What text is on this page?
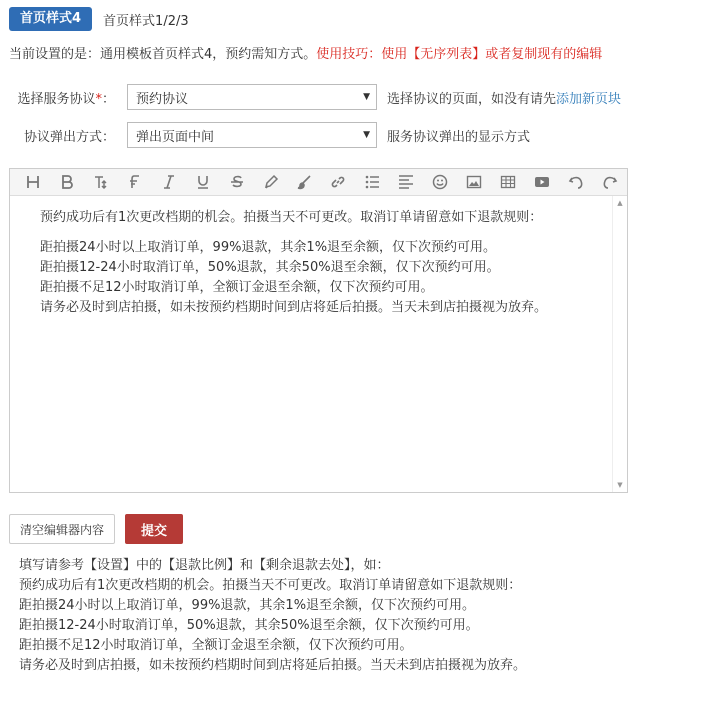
首页样式4	首页样式1/2/3
当前设置的是：通用模板首页样式4，预约需知方式。使用技巧：使用【无序列表】或者复制现有的编辑
选择服务协议*：	预约协议	▼ 选择协议的页面，如没有请先添加新页块
协议弹出方式：	弹出页面中间	▼ 服务协议弹出的显示方式

预约成功后有1次更改档期的机会。拍摄当天不可更改。取消订单请留意如下退款规则：

距拍摄24小时以上取消订单，99%退款，其余1%退至余额，仅下次预约可用。

距拍摄12-24小时取消订单，50%退款，其余50%退至余额，仅下次预约可用。

距拍摄不足12小时取消订单，全额订金退至余额，仅下次预约可用。

请务必及时到店拍摄，如未按预约档期时间到店将延后拍摄。当天未到店拍摄视为放弃。

▲
▼
清空编辑器内容	提交

填写请参考【设置】中的【退款比例】和【剩余退款去处】，如：

预约成功后有1次更改档期的机会。拍摄当天不可更改。取消订单请留意如下退款规则：

距拍摄24小时以上取消订单，99%退款，其余1%退至余额，仅下次预约可用。

距拍摄12-24小时取消订单，50%退款，其余50%退至余额，仅下次预约可用。

距拍摄不足12小时取消订单，全额订金退至余额，仅下次预约可用。

请务必及时到店拍摄，如未按预约档期时间到店将延后拍摄。当天未到店拍摄视为放弃。
